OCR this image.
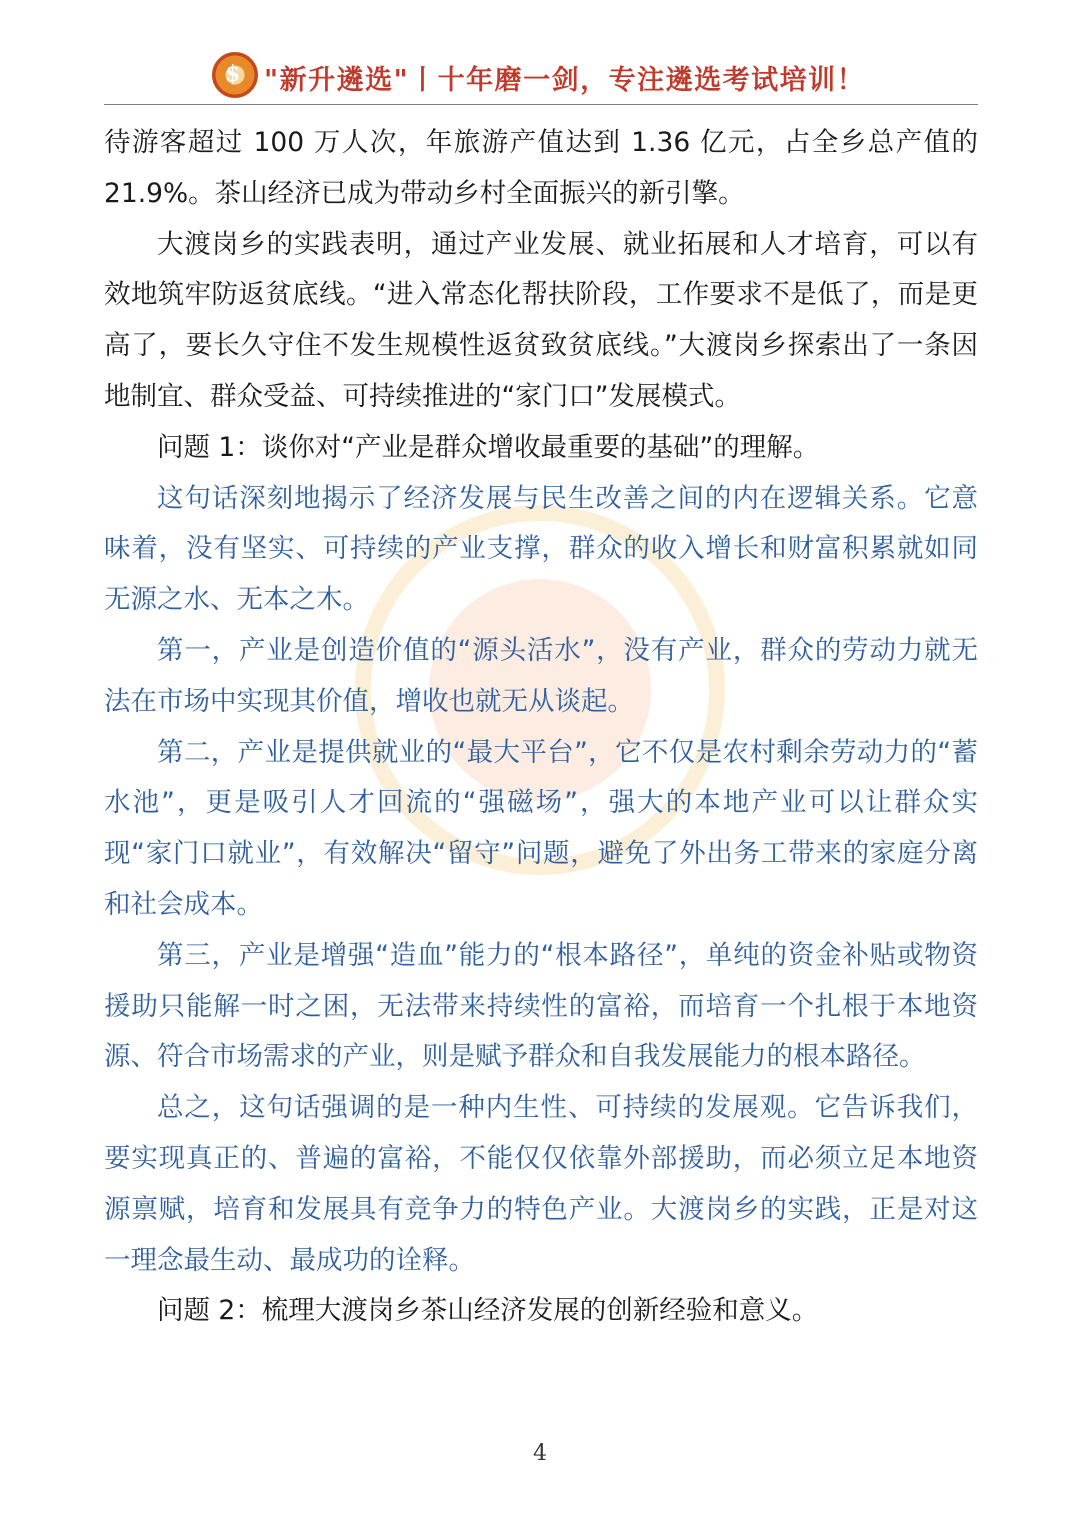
$ "新升遴选"丨十年磨一剑，专注遴选考试培训！

待游客超过 100 万人次，年旅游产值达到 1.36 亿元，占全乡总产值的 21.9%。茶山经济已成为带动乡村全面振兴的新引擎。

大渡岗乡的实践表明，通过产业发展、就业拓展和人才培育，可以有效地筑牢防返贫底线。“进入常态化帮扶阶段，工作要求不是低了，而是更高了，要长久守住不发生规模性返贫致贫底线。”大渡岗乡探索出了一条因地制宜、群众受益、可持续推进的“家门口”发展模式。

问题 1：谈你对“产业是群众增收最重要的基础”的理解。

这句话深刻地揭示了经济发展与民生改善之间的内在逻辑关系。它意味着，没有坚实、可持续的产业支撑，群众的收入增长和财富积累就如同无源之水、无本之木。

第一，产业是创造价值的“源头活水”，没有产业，群众的劳动力就无法在市场中实现其价值，增收也就无从谈起。

第二，产业是提供就业的“最大平台”，它不仅是农村剩余劳动力的“蓄水池”，更是吸引人才回流的“强磁场”，强大的本地产业可以让群众实现“家门口就业”，有效解决“留守”问题，避免了外出务工带来的家庭分离和社会成本。

第三，产业是增强“造血”能力的“根本路径”，单纯的资金补贴或物资援助只能解一时之困，无法带来持续性的富裕，而培育一个扎根于本地资源、符合市场需求的产业，则是赋予群众和自我发展能力的根本路径。

总之，这句话强调的是一种内生性、可持续的发展观。它告诉我们，要实现真正的、普遍的富裕，不能仅仅依靠外部援助，而必须立足本地资源禀赋，培育和发展具有竞争力的特色产业。大渡岗乡的实践，正是对这一理念最生动、最成功的诠释。

问题 2：梳理大渡岗乡茶山经济发展的创新经验和意义。

4
